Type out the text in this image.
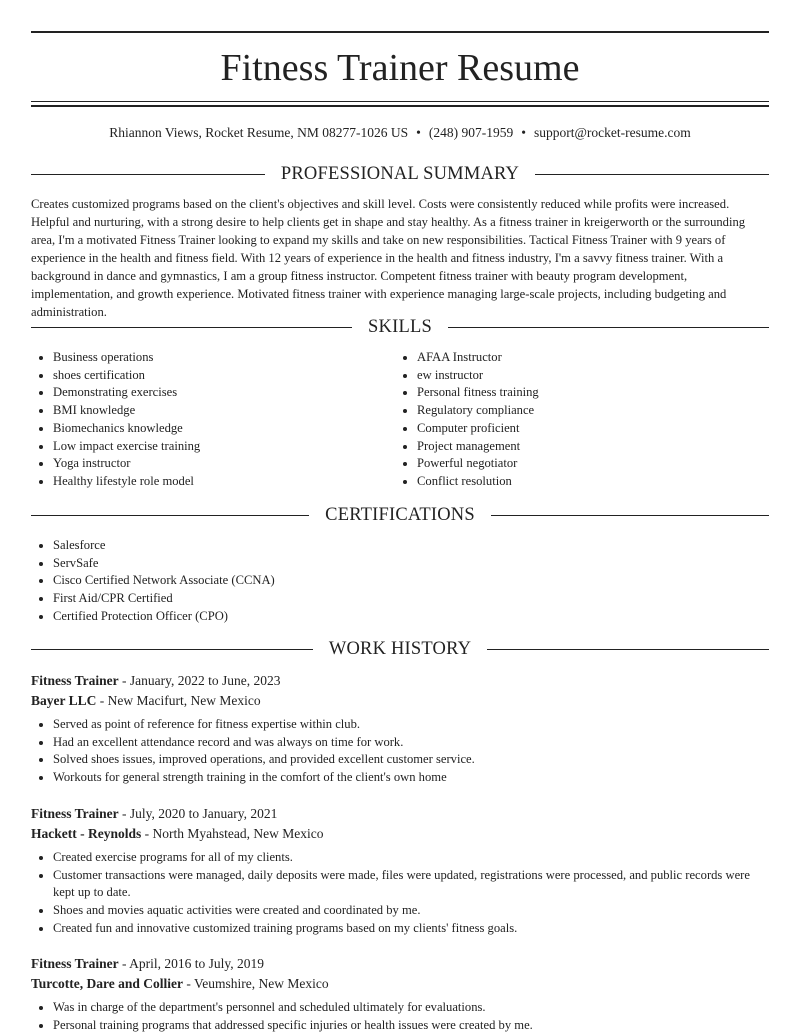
Fitness Trainer Resume
Rhiannon Views, Rocket Resume, NM 08277-1026 US • (248) 907-1959 • support@rocket-resume.com
PROFESSIONAL SUMMARY

Creates customized programs based on the client's objectives and skill level. Costs were consistently reduced while profits were increased. Helpful and nurturing, with a strong desire to help clients get in shape and stay healthy. As a fitness trainer in kreigerworth or the surrounding area, I'm a motivated Fitness Trainer looking to expand my skills and take on new responsibilities. Tactical Fitness Trainer with 9 years of experience in the health and fitness field. With 12 years of experience in the health and fitness industry, I'm a savvy fitness trainer. With a background in dance and gymnastics, I am a group fitness instructor. Competent fitness trainer with beauty program development, implementation, and growth experience. Motivated fitness trainer with experience managing large-scale projects, including budgeting and administration.

SKILLS
• Business operations
• shoes certification
• Demonstrating exercises
• BMI knowledge
• Biomechanics knowledge
• Low impact exercise training
• Yoga instructor
• Healthy lifestyle role model
• AFAA Instructor
• ew instructor
• Personal fitness training
• Regulatory compliance
• Computer proficient
• Project management
• Powerful negotiator
• Conflict resolution
CERTIFICATIONS
• Salesforce
• ServSafe
• Cisco Certified Network Associate (CCNA)
• First Aid/CPR Certified
• Certified Protection Officer (CPO)
WORK HISTORY
Fitness Trainer - January, 2022 to June, 2023
Bayer LLC - New Macifurt, New Mexico
• Served as point of reference for fitness expertise within club.
• Had an excellent attendance record and was always on time for work.
• Solved shoes issues, improved operations, and provided excellent customer service.
• Workouts for general strength training in the comfort of the client's own home
Fitness Trainer - July, 2020 to January, 2021
Hackett - Reynolds - North Myahstead, New Mexico
• Created exercise programs for all of my clients.
• Customer transactions were managed, daily deposits were made, files were updated, registrations were processed, and public records were kept up to date.
• Shoes and movies aquatic activities were created and coordinated by me.
• Created fun and innovative customized training programs based on my clients' fitness goals.
Fitness Trainer - April, 2016 to July, 2019
Turcotte, Dare and Collier - Veumshire, New Mexico
• Was in charge of the department's personnel and scheduled ultimately for evaluations.
• Personal training programs that addressed specific injuries or health issues were created by me.
